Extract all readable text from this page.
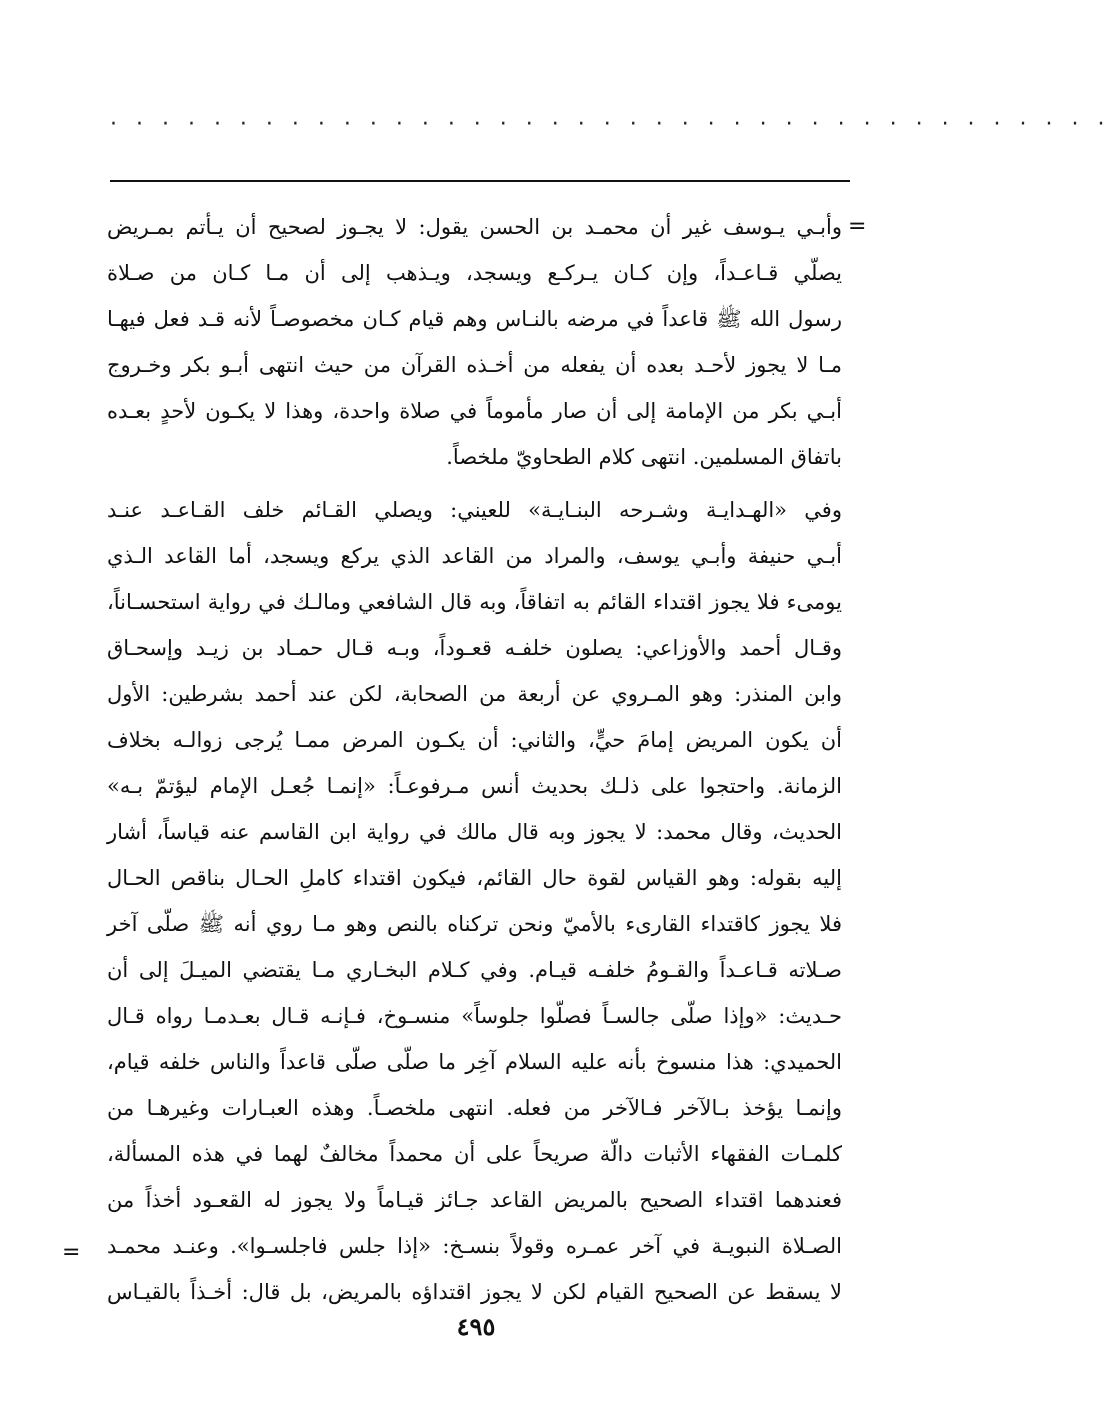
· · · · · · · · · · · · · · · · · · · · · · · · · · · · · · · · · · · · · · ·
=
وأبـي يـوسف غير أن محمـد بن الحسن يقول: لا يجـوز لصحيح أن يـأتم بمـريض
يصلّي قـاعـداً، وإن كـان يـركـع ويسجد، ويـذهب إلى أن مـا كـان من صـلاة
رسول الله ﷺ قاعداً في مرضه بالنـاس وهم قيام كـان مخصوصـاً لأنه قـد فعل فيهـا
مـا لا يجوز لأحـد بعده أن يفعله من أخـذه القرآن من حيث انتهى أبـو بكر وخـروج
أبـي بكر من الإمامة إلى أن صار مأموماً في صلاة واحدة، وهذا لا يكـون لأحدٍ بعـده
باتفاق المسلمين. انتهى كلام الطحاويّ ملخصاً.
وفي «الهـدايـة وشـرحه البنـايـة» للعيني: ويصلي القـائم خلف القـاعـد عنـد
أبـي حنيفة وأبـي يوسف، والمراد من القاعد الذي يركع ويسجد، أما القاعد الـذي
يومىء فلا يجوز اقتداء القائم به اتفاقاً، وبه قال الشافعي ومالـك في رواية استحسـاناً،
وقـال أحمد والأوزاعي: يصلون خلفـه قعـوداً، وبـه قـال حمـاد بن زيـد وإسحـاق
وابن المنذر: وهو المـروي عن أربعة من الصحابة، لكن عند أحمد بشرطين: الأول
أن يكون المريض إمامَ حيٍّ، والثاني: أن يكـون المرض ممـا يُرجى زوالـه بخلاف
الزمانة. واحتجوا على ذلـك بحديث أنس مـرفوعـاً: «إنمـا جُعـل الإمام ليؤتمّ بـه»
الحديث، وقال محمد: لا يجوز وبه قال مالك في رواية ابن القاسم عنه قياساً، أشار
إليه بقوله: وهو القياس لقوة حال القائم، فيكون اقتداء كاملِ الحـال بناقص الحـال
فلا يجوز كاقتداء القارىء بالأميّ ونحن تركناه بالنص وهو مـا روي أنه ﷺ صلّى آخر
صـلاته قـاعـداً والقـومُ خلفـه قيـام. وفي كـلام البخـاري مـا يقتضي الميـلَ إلى أن
حـديث: «وإذا صلّى جالسـاً فصلّوا جلوساً» منسـوخ، فـإنـه قـال بعـدمـا رواه قـال
الحميدي: هذا منسوخ بأنه عليه السلام آخِر ما صلّى صلّى قاعداً والناس خلفه قيام،
وإنمـا يؤخذ بـالآخر فـالآخر من فعله. انتهى ملخصـاً. وهذه العبـارات وغيرهـا من
كلمـات الفقهاء الأثبات دالّة صريحاً على أن محمداً مخالفٌ لهما في هذه المسألة،
فعندهما اقتداء الصحيح بالمريض القاعد جـائز قيـاماً ولا يجوز له القعـود أخذاً من
الصـلاة النبويـة في آخر عمـره وقولاً بنسـخ: «إذا جلس فاجلسـوا». وعنـد محمـد
لا يسقط عن الصحيح القيام لكن لا يجوز اقتداؤه بالمريض، بل قال: أخـذاً بالقيـاس
=
٤٩٥
